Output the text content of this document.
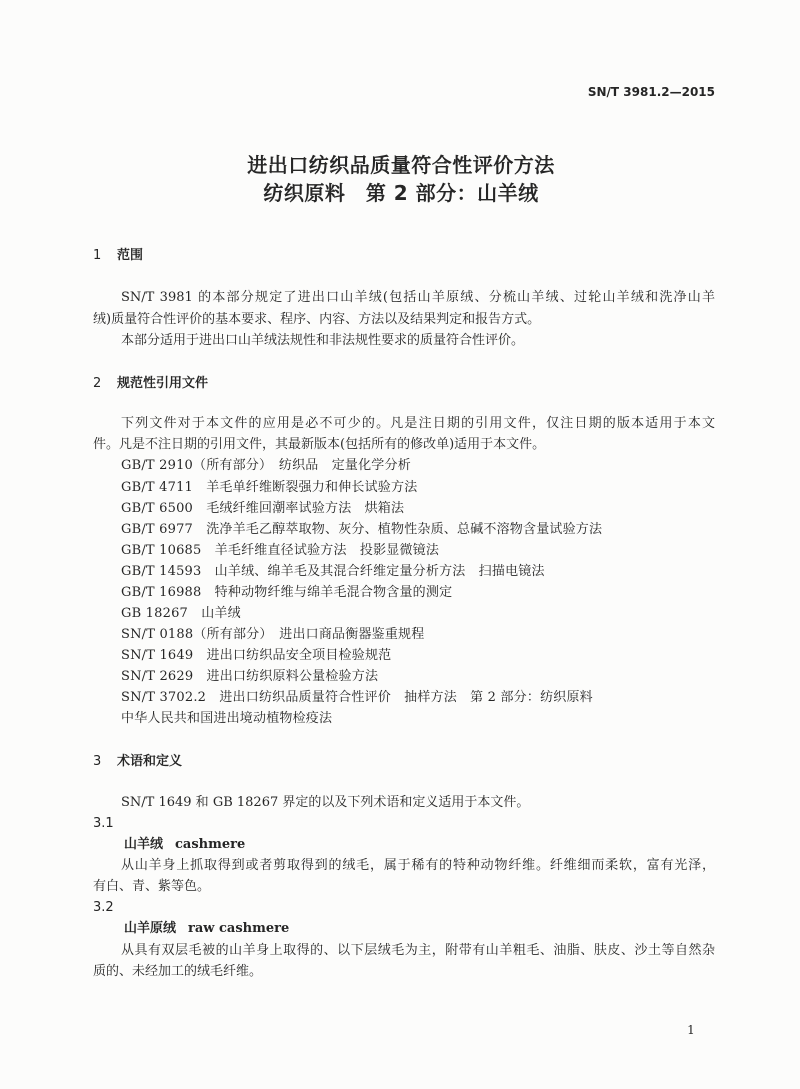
SN/T 3981.2—2015
进出口纺织品质量符合性评价方法
纺织原料　第 2 部分：山羊绒
1 范围
SN/T 3981 的本部分规定了进出口山羊绒(包括山羊原绒、分梳山羊绒、过轮山羊绒和洗净山羊
绒)质量符合性评价的基本要求、程序、内容、方法以及结果判定和报告方式。
本部分适用于进出口山羊绒法规性和非法规性要求的质量符合性评价。
2 规范性引用文件
下列文件对于本文件的应用是必不可少的。凡是注日期的引用文件，仅注日期的版本适用于本文
件。凡是不注日期的引用文件，其最新版本(包括所有的修改单)适用于本文件。
GB/T 2910（所有部分）　纺织品　定量化学分析
GB/T 4711　羊毛单纤维断裂强力和伸长试验方法
GB/T 6500　毛绒纤维回潮率试验方法　烘箱法
GB/T 6977　洗净羊毛乙醇萃取物、灰分、植物性杂质、总碱不溶物含量试验方法
GB/T 10685　羊毛纤维直径试验方法　投影显微镜法
GB/T 14593　山羊绒、绵羊毛及其混合纤维定量分析方法　扫描电镜法
GB/T 16988　特种动物纤维与绵羊毛混合物含量的测定
GB 18267　山羊绒
SN/T 0188（所有部分）　进出口商品衡器鉴重规程
SN/T 1649　进出口纺织品安全项目检验规范
SN/T 2629　进出口纺织原料公量检验方法
SN/T 3702.2　进出口纺织品质量符合性评价　抽样方法　第 2 部分：纺织原料
中华人民共和国进出境动植物检疫法
3 术语和定义
SN/T 1649 和 GB 18267 界定的以及下列术语和定义适用于本文件。
3.1
山羊绒 cashmere
从山羊身上抓取得到或者剪取得到的绒毛，属于稀有的特种动物纤维。纤维细而柔软，富有光泽，
有白、青、紫等色。
3.2
山羊原绒 raw cashmere
从具有双层毛被的山羊身上取得的、以下层绒毛为主，附带有山羊粗毛、油脂、肤皮、沙土等自然杂
质的、未经加工的绒毛纤维。
1
